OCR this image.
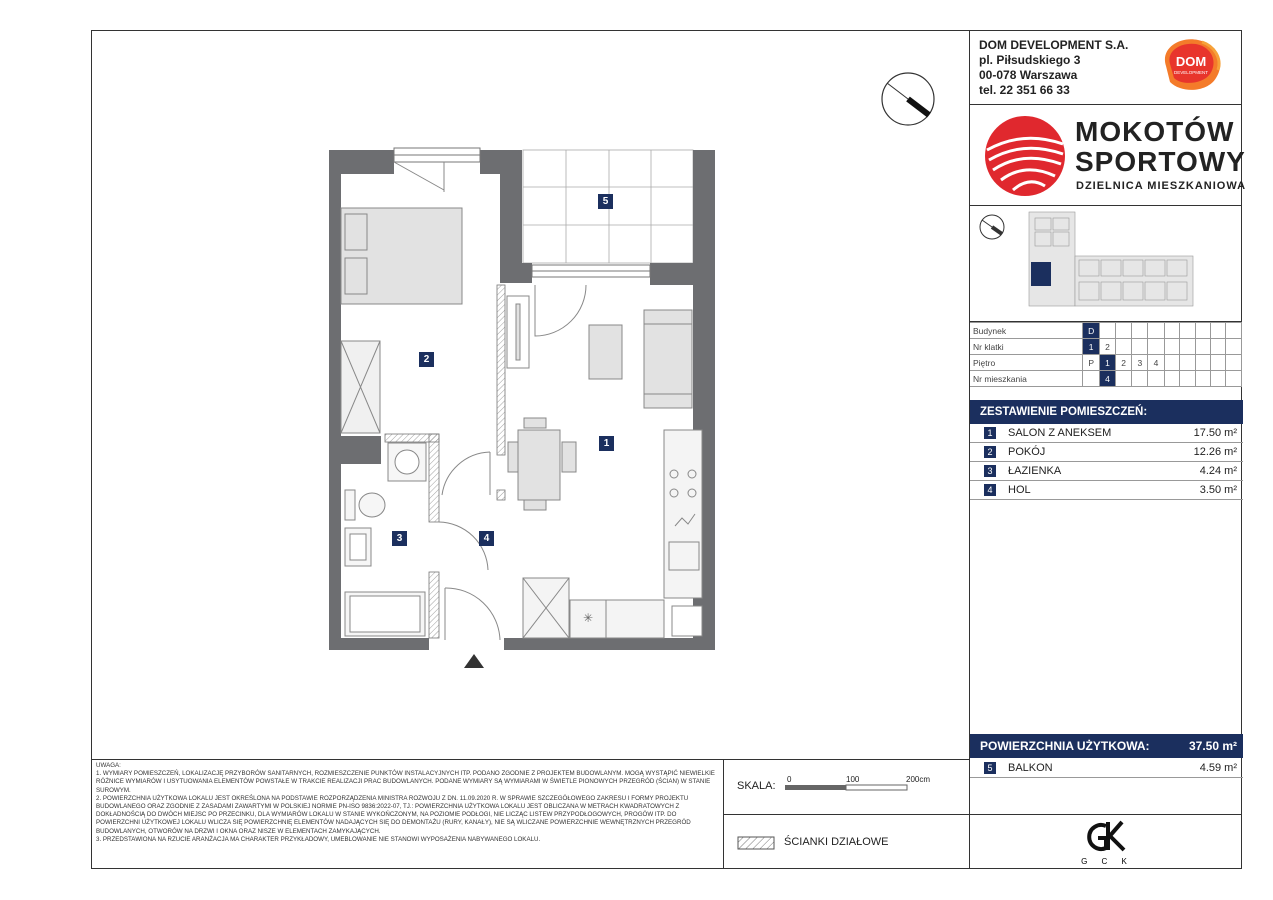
DOM DEVELOPMENT S.A.
pl. Piłsudskiego 3
00-078 Warszawa
tel. 22 351 66 33
DOM
DEVELOPMENT
MOKOTÓW
SPORTOWY
DZIELNICA MIESZKANIOWA
Budynek	D									
Nr klatki	1	2								
Piętro	P	1	2	3	4					
Nr mieszkania		4								
ZESTAWIENIE POMIESZCZEŃ:
1	SALON Z ANEKSEM	17.50 m²
2	POKÓJ	12.26 m²
3	ŁAZIENKA	4.24 m²
4	HOL	3.50 m²
POWIERZCHNIA UŻYTKOWA:	37.50 m²
5	BALKON	4.59 m²
UWAGA:
1. WYMIARY POMIESZCZEŃ, LOKALIZACJĘ PRZYBORÓW SANITARNYCH, ROZMIESZCZENIE PUNKTÓW INSTALACYJNYCH ITP. PODANO ZGODNIE Z PROJEKTEM BUDOWLANYM. MOGĄ WYSTĄPIĆ NIEWIELKIE RÓŻNICE WYMIARÓW I USYTUOWANIA ELEMENTÓW POWSTAŁE W TRAKCIE REALIZACJI PRAC BUDOWLANYCH. PODANE WYMIARY SĄ WYMIARAMI W ŚWIETLE PIONOWYCH PRZEGRÓD (ŚCIAN) W STANIE SUROWYM.
2. POWIERZCHNIA UŻYTKOWA LOKALU JEST OKREŚLONA NA PODSTAWIE ROZPORZĄDZENIA MINISTRA ROZWOJU Z DN. 11.09.2020 R. W SPRAWIE SZCZEGÓŁOWEGO ZAKRESU I FORMY PROJEKTU BUDOWLANEGO ORAZ ZGODNIE Z ZASADAMI ZAWARTYMI W POLSKIEJ NORMIE PN-ISO 9836:2022-07, TJ.: POWIERZCHNIA UŻYTKOWA LOKALU JEST OBLICZANA W METRACH KWADRATOWYCH Z DOKŁADNOŚCIĄ DO DWÓCH MIEJSC PO PRZECINKU, DLA WYMIARÓW LOKALU W STANIE WYKOŃCZONYM, NA POZIOMIE PODŁOGI, NIE LICZĄC LISTEW PRZYPODŁOGOWYCH, PROGÓW ITP. DO POWIERZCHNI UŻYTKOWEJ LOKALU WLICZA SIĘ POWIERZCHNIĘ ELEMENTÓW NADAJĄCYCH SIĘ DO DEMONTAŻU (RURY, KANAŁY), NIE SĄ WLICZANE POWIERZCHNIE WEWNĘTRZNYCH PRZEGRÓD BUDOWLANYCH, OTWORÓW NA DRZWI I OKNA ORAZ NISZE W ELEMENTACH ZAMYKAJĄCYCH.
3. PRZEDSTAWIONA NA RZUCIE ARANŻACJA MA CHARAKTER PRZYKŁADOWY, UMEBLOWANIE NIE STANOWI WYPOSAŻENIA NABYWANEGO LOKALU.
SKALA:
0	100	200cm
ŚCIANKI DZIAŁOWE
G C K
✳
1
2
3	4
5
